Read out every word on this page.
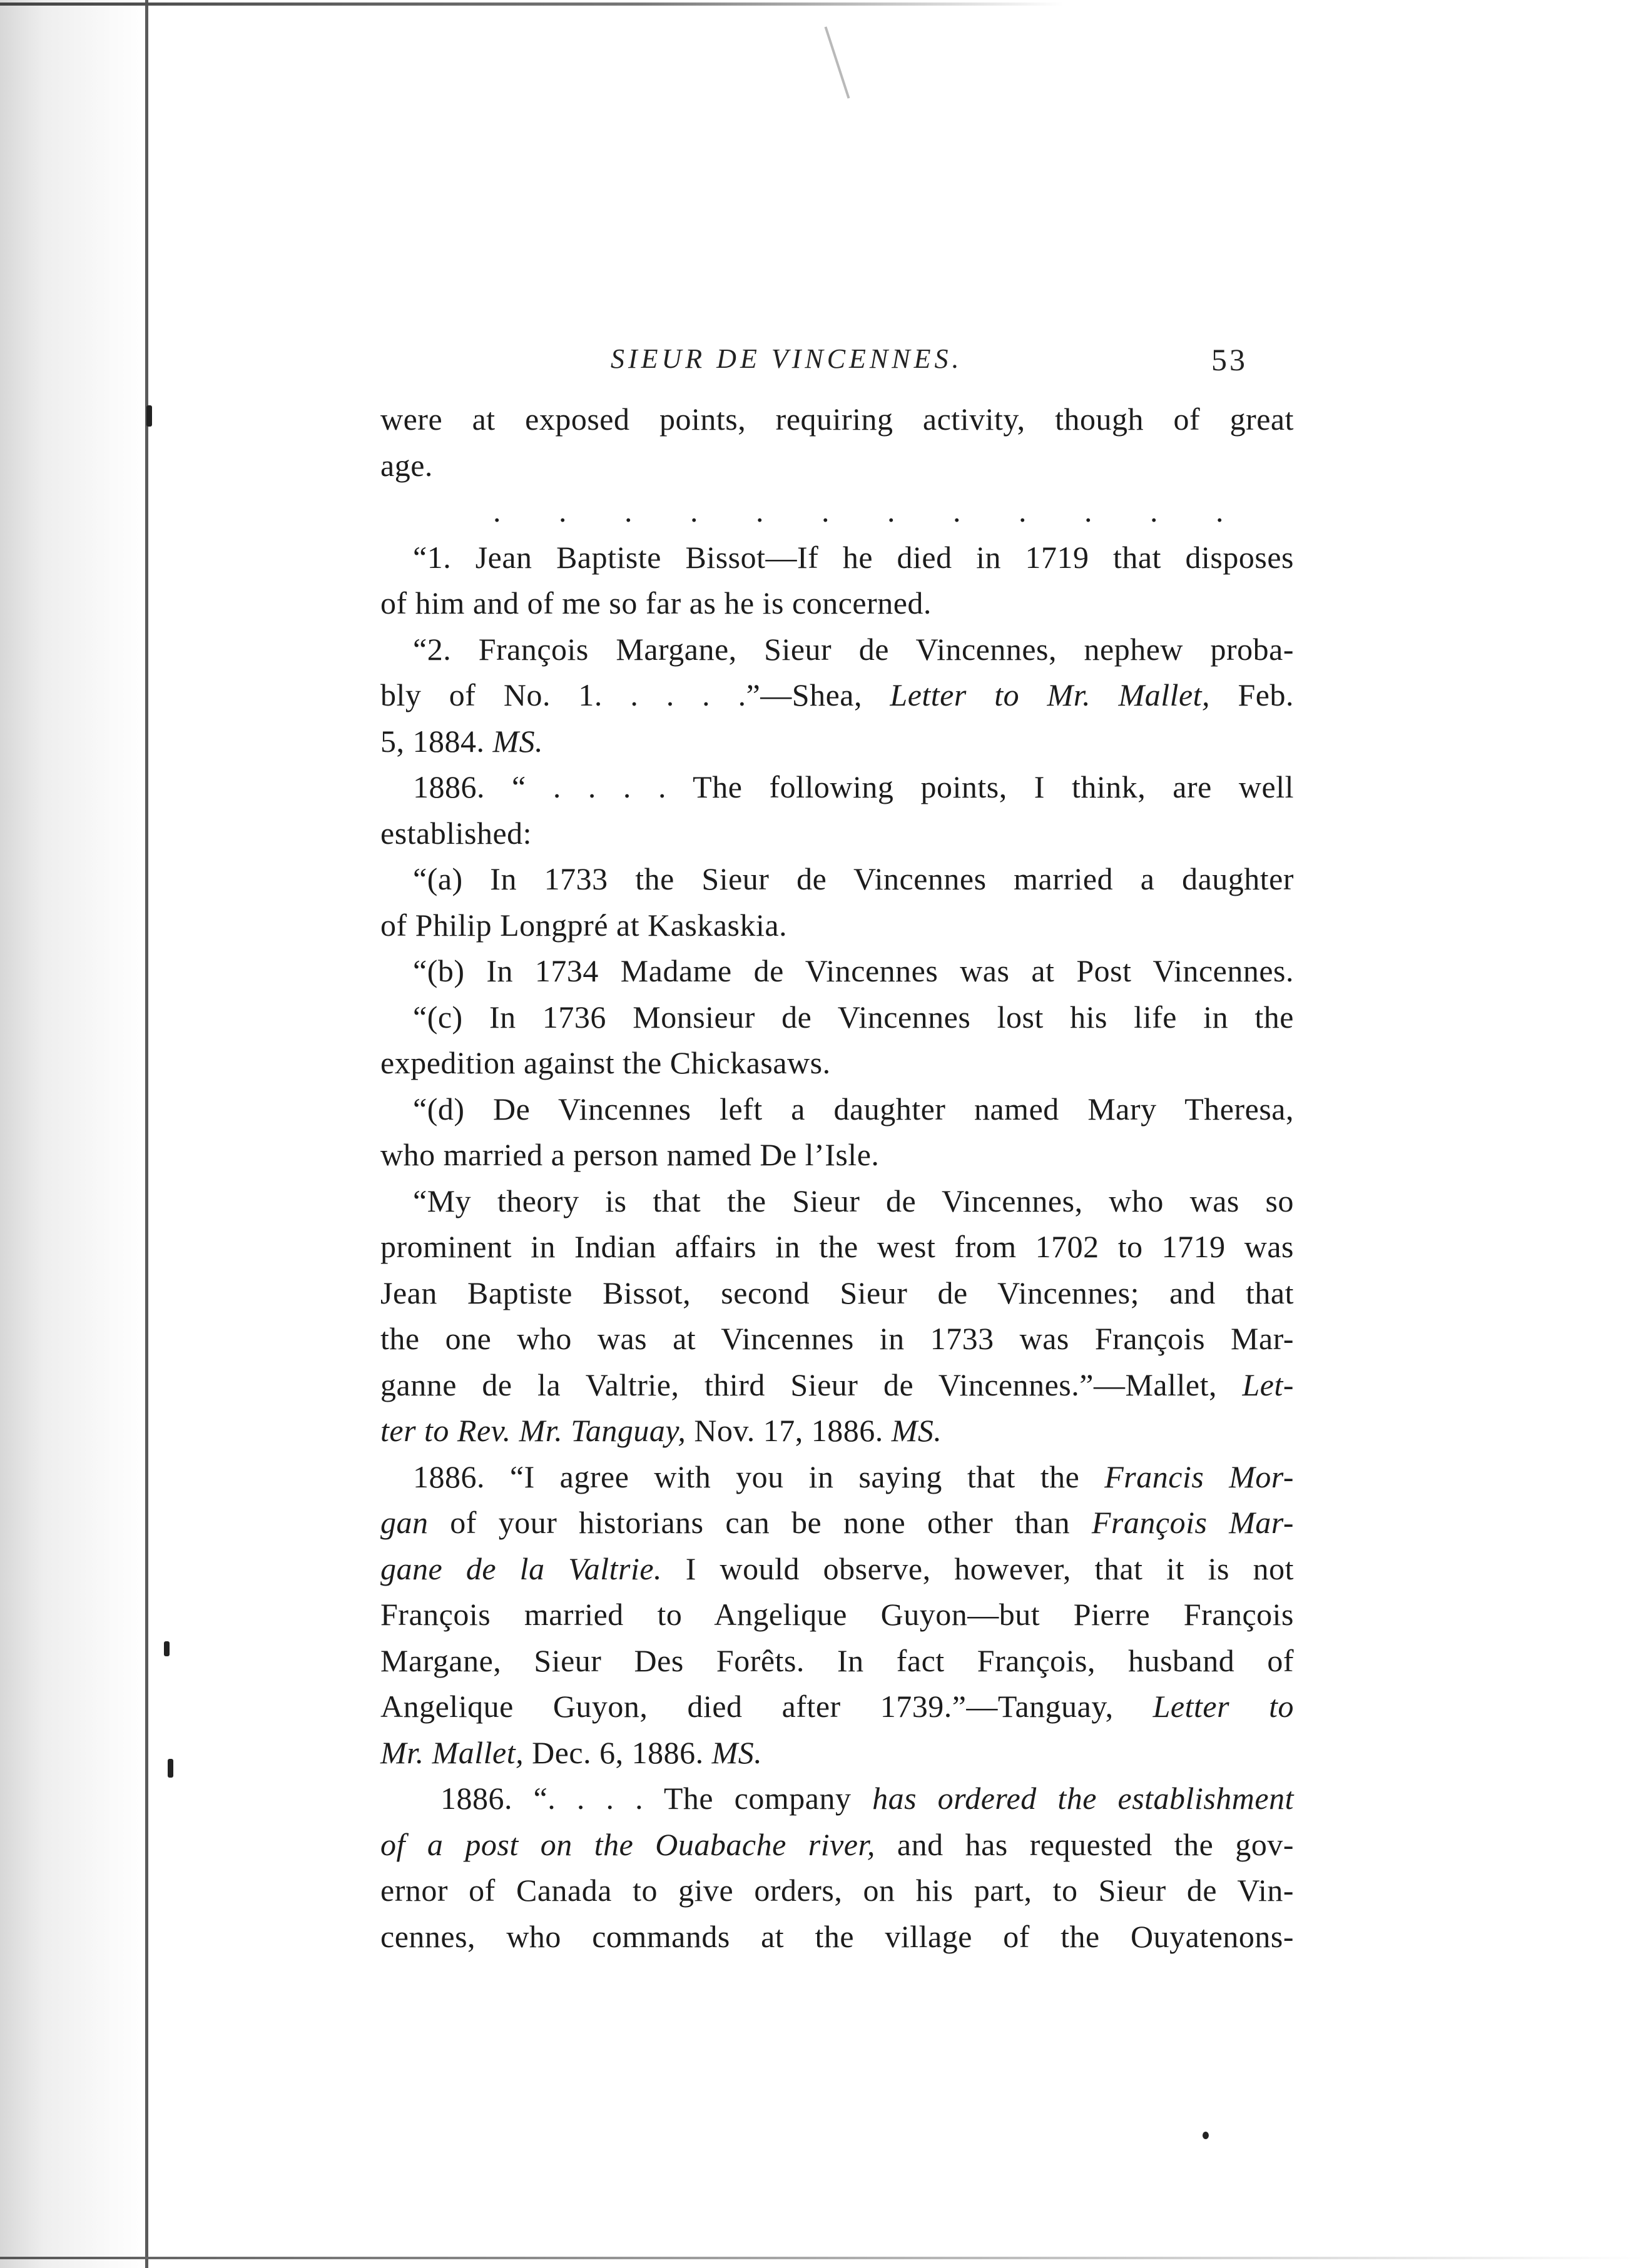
SIEUR DE VINCENNES.	53
were at exposed points, requiring activity, though of great
age.
. . . . . . . . . . . .
“1. Jean Baptiste Bissot—If he died in 1719 that disposes
of him and of me so far as he is concerned.
“2. François Margane, Sieur de Vincennes, nephew proba-
bly of No. 1. . . . .”—Shea, Letter to Mr. Mallet, Feb.
5, 1884. MS.
1886. “ . . . . The following points, I think, are well
established:
“(a) In 1733 the Sieur de Vincennes married a daughter
of Philip Longpré at Kaskaskia.
“(b) In 1734 Madame de Vincennes was at Post Vincennes.
“(c) In 1736 Monsieur de Vincennes lost his life in the
expedition against the Chickasaws.
“(d) De Vincennes left a daughter named Mary Theresa,
who married a person named De l’Isle.
“My theory is that the Sieur de Vincennes, who was so
prominent in Indian affairs in the west from 1702 to 1719 was
Jean Baptiste Bissot, second Sieur de Vincennes; and that
the one who was at Vincennes in 1733 was François Mar-
ganne de la Valtrie, third Sieur de Vincennes.”—Mallet, Let-
ter to Rev. Mr. Tanguay, Nov. 17, 1886. MS.
1886. “I agree with you in saying that the Francis Mor-
gan of your historians can be none other than François Mar-
gane de la Valtrie. I would observe, however, that it is not
François married to Angelique Guyon—but Pierre François
Margane, Sieur Des Forêts. In fact François, husband of
Angelique Guyon, died after 1739.”—Tanguay, Letter to
Mr. Mallet, Dec. 6, 1886. MS.
1886. “. . . . The company has ordered the establishment
of a post on the Ouabache river, and has requested the gov-
ernor of Canada to give orders, on his part, to Sieur de Vin-
cennes, who commands at the village of the Ouyatenons-
